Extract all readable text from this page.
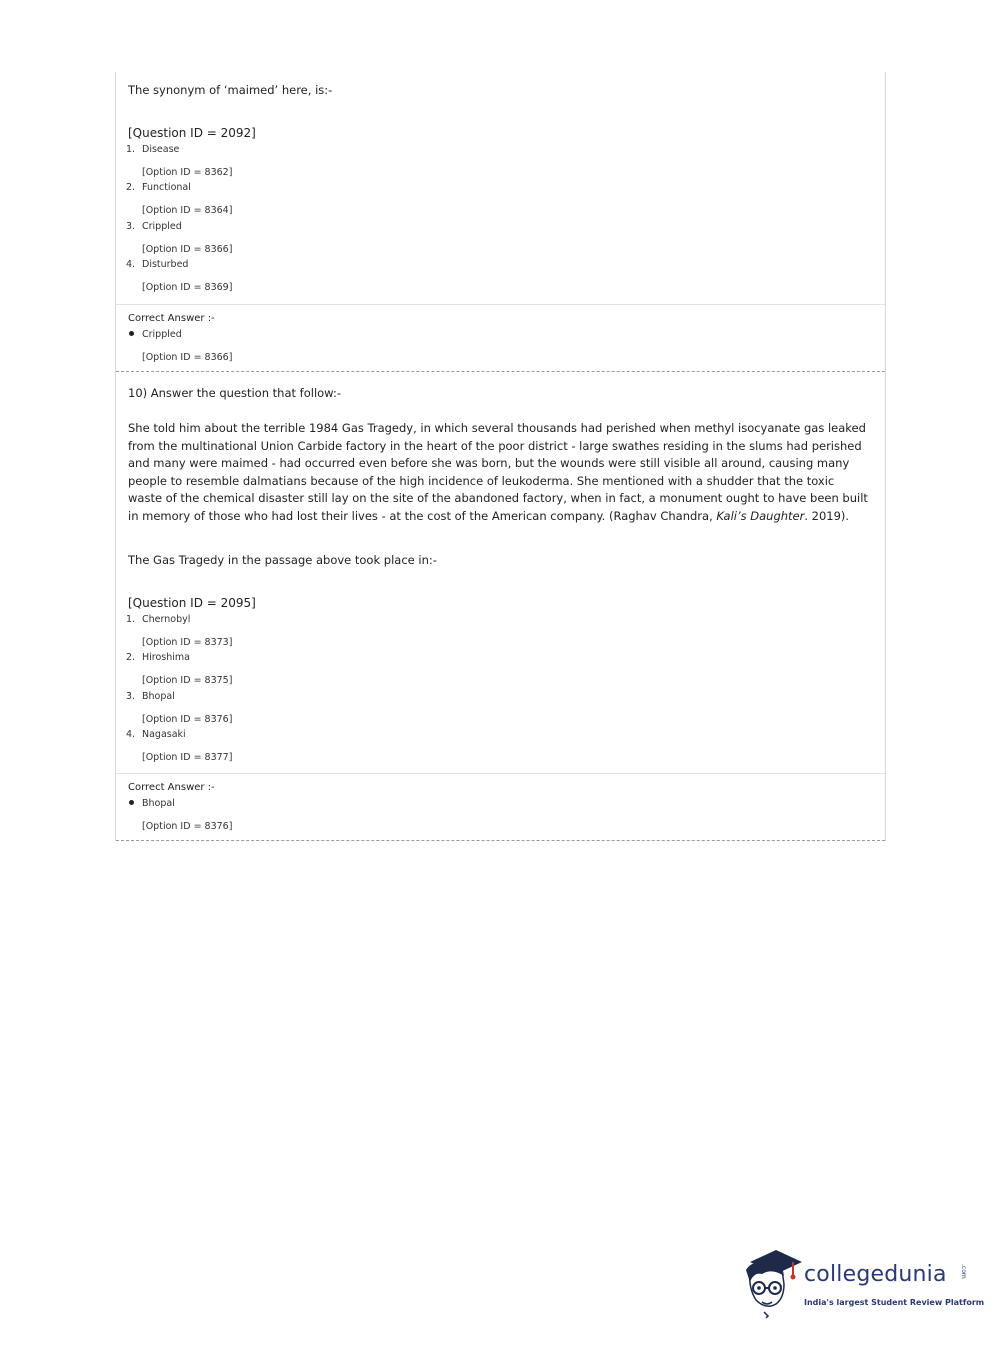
The synonym of ‘maimed’ here, is:-

[Question ID = 2092]

1. Disease
[Option ID = 8362]
2. Functional
[Option ID = 8364]
3. Crippled
[Option ID = 8366]
4. Disturbed
[Option ID = 8369]

Correct Answer :-

Crippled
[Option ID = 8366]

10) Answer the question that follow:-

She told him about the terrible 1984 Gas Tragedy, in which several thousands had perished when methyl isocyanate gas leaked from the multinational Union Carbide factory in the heart of the poor district - large swathes residing in the slums had perished and many were maimed - had occurred even before she was born, but the wounds were still visible all around, causing many people to resemble dalmatians because of the high incidence of leukoderma. She mentioned with a shudder that the toxic waste of the chemical disaster still lay on the site of the abandoned factory, when in fact, a monument ought to have been built in memory of those who had lost their lives - at the cost of the American company. (Raghav Chandra, Kali’s Daughter. 2019).

The Gas Tragedy in the passage above took place in:-

[Question ID = 2095]

1. Chernobyl
[Option ID = 8373]
2. Hiroshima
[Option ID = 8375]
3. Bhopal
[Option ID = 8376]
4. Nagasaki
[Option ID = 8377]

Correct Answer :-

Bhopal
[Option ID = 8376]

collegedunia .com

India's largest Student Review Platform
